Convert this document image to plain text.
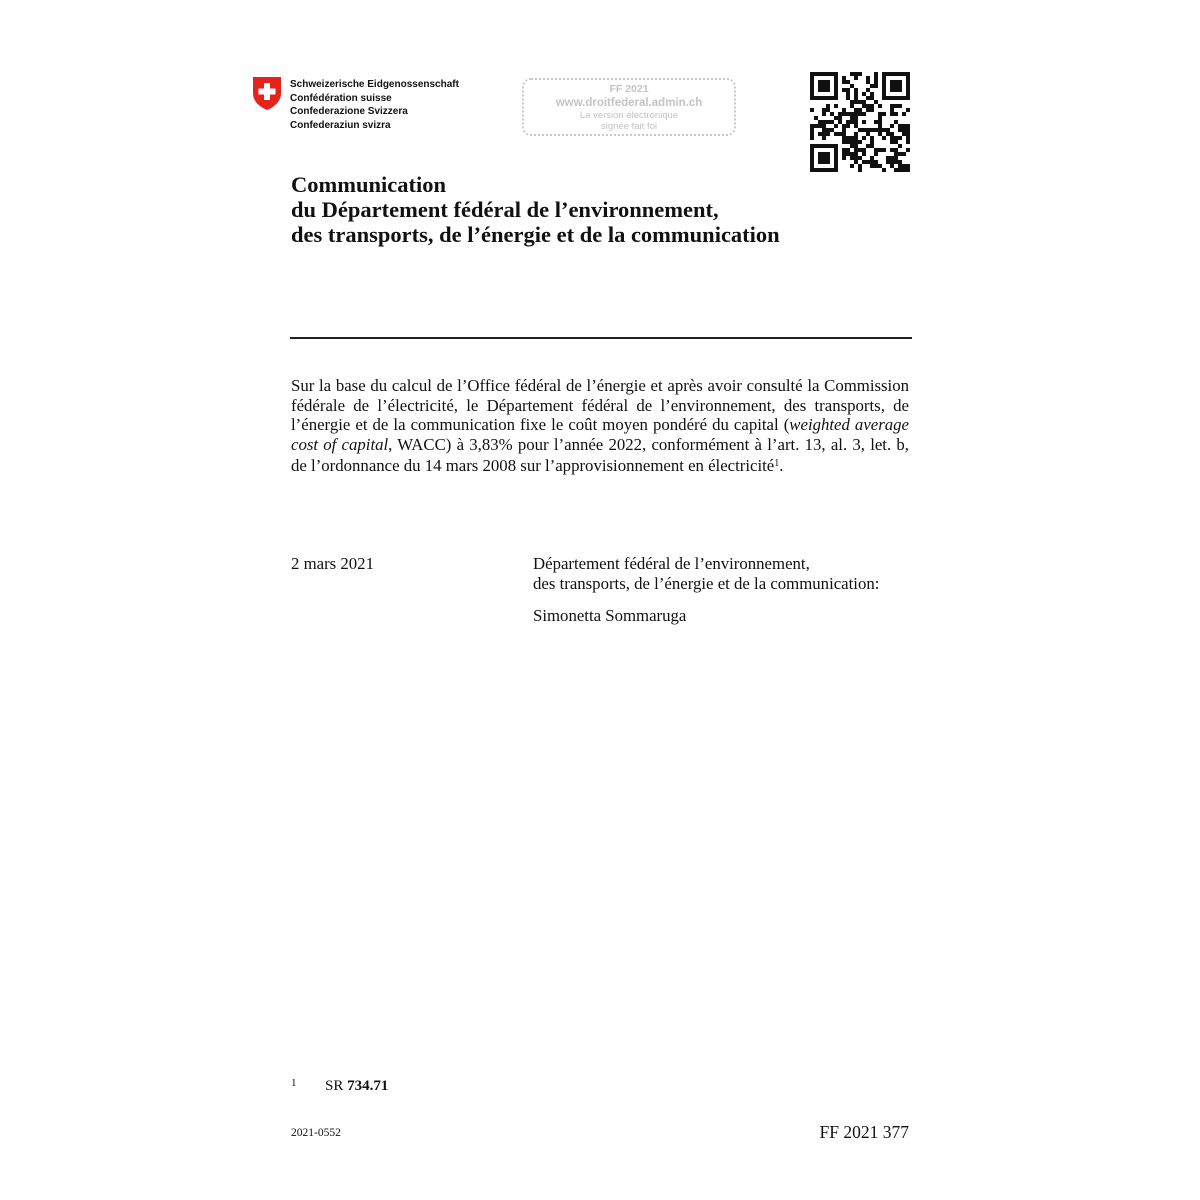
Schweizerische Eidgenossenschaft
Confédération suisse
Confederazione Svizzera
Confederaziun svizra
FF 2021
www.droitfederal.admin.ch
La version électronique
signée fait foi
Communication
du Département fédéral de l’environnement,
des transports, de l’énergie et de la communication
Sur la base du calcul de l’Office fédéral de l’énergie et après avoir consulté la Commission fédérale de l’électricité, le Département fédéral de l’environnement, des transports, de l’énergie et de la communication fixe le coût moyen pondéré du capital (weighted average cost of capital, WACC) à 3,83% pour l’année 2022, conformément à l’art. 13, al. 3, let. b, de l’ordonnance du 14 mars 2008 sur l’approvisionnement en électricité$^1$.
2 mars 2021	Département fédéral de l’environnement,
des transports, de l’énergie et de la communication:
Simonetta Sommaruga
1 SR 734.71
2021-0552	FF 2021 377
